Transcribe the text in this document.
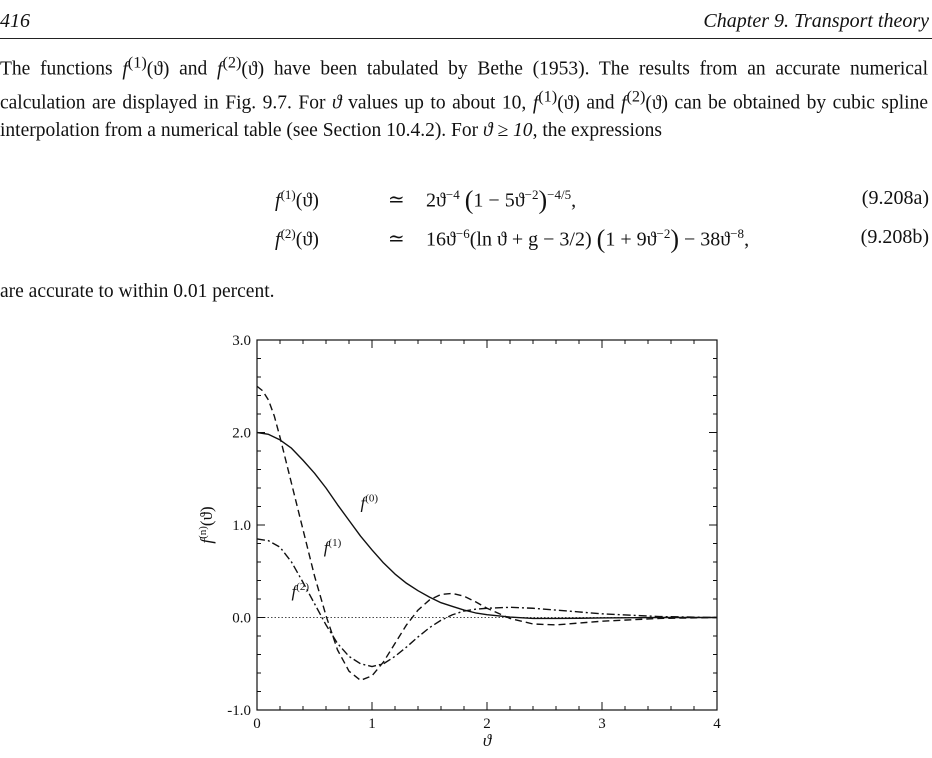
416	Chapter 9. Transport theory
The functions $f^{(1)}(ϑ)$ and $f^{(2)}(ϑ)$ have been tabulated by Bethe (1953). The results from an accurate numerical calculation are displayed in Fig. 9.7. For ϑ values up to about 10, $f^{(1)}(ϑ)$ and $f^{(2)}(ϑ)$ can be obtained by cubic spline interpolation from a numerical table (see Section 10.4.2). For ϑ ≥ 10, the expressions
$f^{(1)}(ϑ)$	≃ $2ϑ^{-4}$ $(1 - 5ϑ^{-2})^{-4/5}$,	(9.208a)
$f^{(2)}(ϑ)$	≃ $16ϑ^{-6}(\ln$ ϑ + g − 3/2) $(1 + 9ϑ^{-2}) - 38ϑ^{-8}$,	(9.208b)
are accurate to within 0.01 percent.
$f^{(0)}$
$f^{(1)}$
$f^{(2)}$
0	1	2	3	4
-1.0
0.0
1.0
2.0
3.0
ϑ
$f^{(n)}(ϑ)$
